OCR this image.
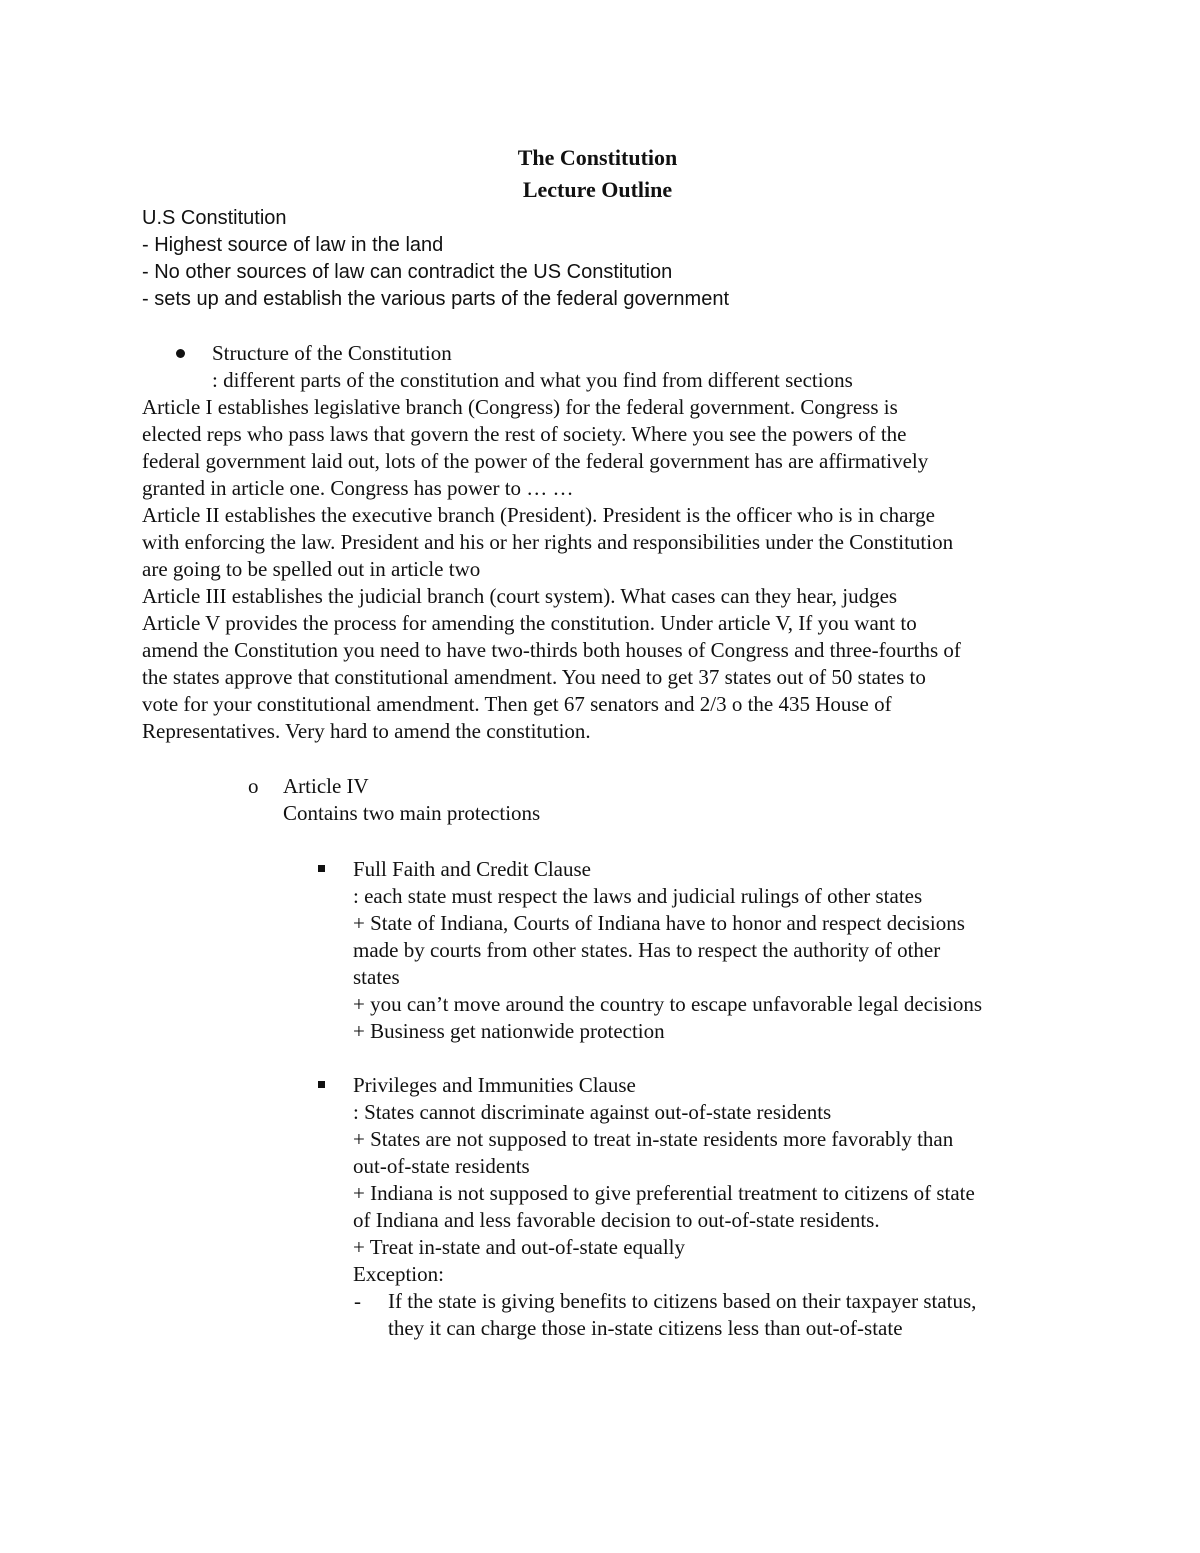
The Constitution
Lecture Outline
U.S Constitution
- Highest source of law in the land
- No other sources of law can contradict the US Constitution
- sets up and establish the various parts of the federal government
Structure of the Constitution
: different parts of the constitution and what you find from different sections
Article I establishes legislative branch (Congress) for the federal government. Congress is
elected reps who pass laws that govern the rest of society. Where you see the powers of the
federal government laid out, lots of the power of the federal government has are affirmatively
granted in article one. Congress has power to … …
Article II establishes the executive branch (President). President is the officer who is in charge
with enforcing the law. President and his or her rights and responsibilities under the Constitution
are going to be spelled out in article two
Article III establishes the judicial branch (court system). What cases can they hear, judges
Article V provides the process for amending the constitution. Under article V, If you want to
amend the Constitution you need to have two-thirds both houses of Congress and three-fourths of
the states approve that constitutional amendment. You need to get 37 states out of 50 states to
vote for your constitutional amendment. Then get 67 senators and 2/3 o the 435 House of
Representatives. Very hard to amend the constitution.
o Article IV
Contains two main protections
Full Faith and Credit Clause
: each state must respect the laws and judicial rulings of other states
+ State of Indiana, Courts of Indiana have to honor and respect decisions
made by courts from other states. Has to respect the authority of other
states
+ you can’t move around the country to escape unfavorable legal decisions
+ Business get nationwide protection
Privileges and Immunities Clause
: States cannot discriminate against out-of-state residents
+ States are not supposed to treat in-state residents more favorably than
out-of-state residents
+ Indiana is not supposed to give preferential treatment to citizens of state
of Indiana and less favorable decision to out-of-state residents.
+ Treat in-state and out-of-state equally
Exception:
- If the state is giving benefits to citizens based on their taxpayer status,
they it can charge those in-state citizens less than out-of-state
